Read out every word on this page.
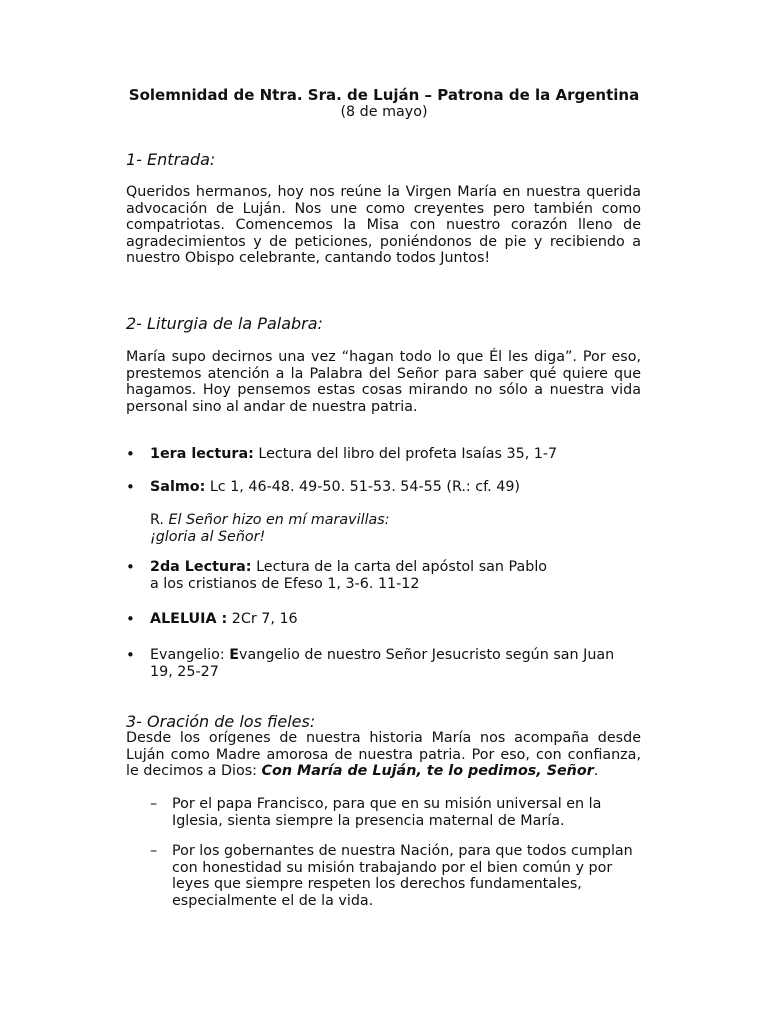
Solemnidad de Ntra. Sra. de Luján – Patrona de la Argentina
(8 de mayo)
1- Entrada:
Queridos hermanos, hoy nos reúne la Virgen María en nuestra querida
advocación de Luján. Nos une como creyentes pero también como
compatriotas. Comencemos la Misa con nuestro corazón lleno de
agradecimientos y de peticiones, poniéndonos de pie y recibiendo a
nuestro Obispo celebrante, cantando todos Juntos!
2- Liturgia de la Palabra:
María supo decirnos una vez “hagan todo lo que Él les diga”. Por eso,
prestemos atención a la Palabra del Señor para saber qué quiere que
hagamos. Hoy pensemos estas cosas mirando no sólo a nuestra vida
personal sino al andar de nuestra patria.
• 1era lectura: Lectura del libro del profeta Isaías 35, 1-7
• Salmo: Lc 1, 46-48. 49-50. 51-53. 54-55 (R.: cf. 49)
R. El Señor hizo en mí maravillas:
¡gloria al Señor!
• 2da Lectura: Lectura de la carta del apóstol san Pablo
a los cristianos de Efeso 1, 3-6. 11-12
• ALELUIA : 2Cr 7, 16
• Evangelio: Evangelio de nuestro Señor Jesucristo según san Juan
19, 25-27
3- Oración de los fieles:
Desde los orígenes de nuestra historia María nos acompaña desde
Luján como Madre amorosa de nuestra patria. Por eso, con confianza,
le decimos a Dios: Con María de Luján, te lo pedimos, Señor.
– Por el papa Francisco, para que en su misión universal en la
Iglesia, sienta siempre la presencia maternal de María.
– Por los gobernantes de nuestra Nación, para que todos cumplan
con honestidad su misión trabajando por el bien común y por
leyes que siempre respeten los derechos fundamentales,
especialmente el de la vida.
